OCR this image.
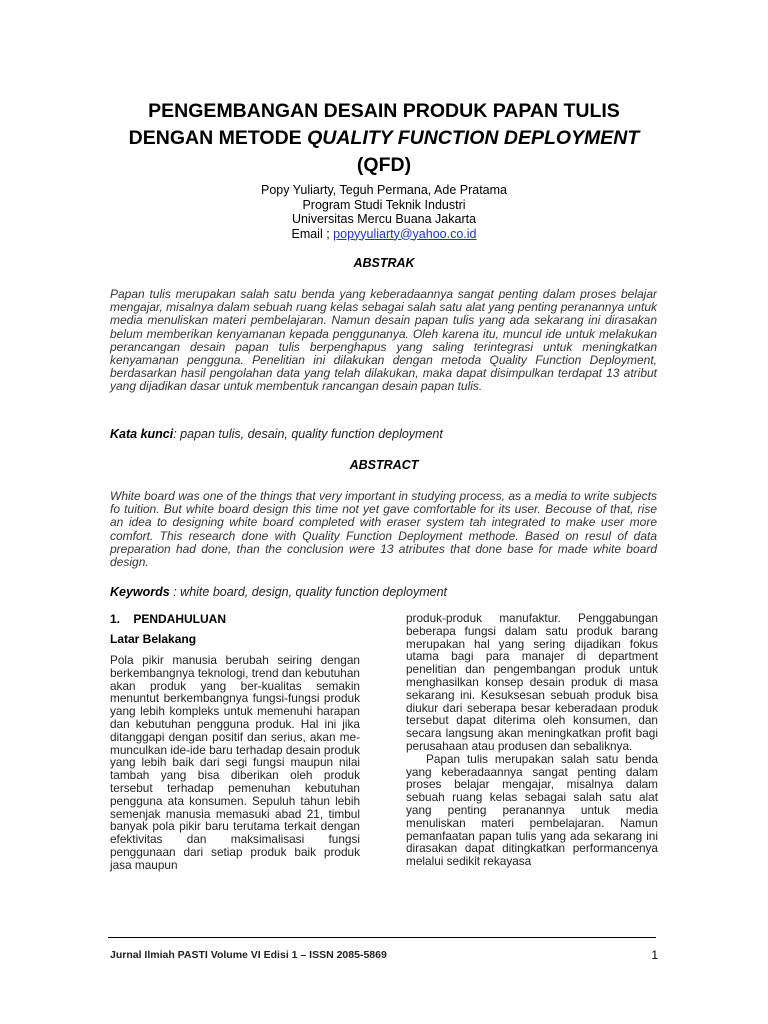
PENGEMBANGAN DESAIN PRODUK PAPAN TULIS
DENGAN METODE QUALITY FUNCTION DEPLOYMENT
(QFD)
Popy Yuliarty, Teguh Permana, Ade Pratama
Program Studi Teknik Industri
Universitas Mercu Buana Jakarta
Email ; popyyuliarty@yahoo.co.id
ABSTRAK
Papan tulis merupakan salah satu benda yang keberadaannya sangat penting dalam proses belajar mengajar, misalnya dalam sebuah ruang kelas sebagai salah satu alat yang penting peranannya untuk media menuliskan materi pembelajaran. Namun desain papan tulis yang ada sekarang ini dirasakan belum memberikan kenyamanan kepada penggunanya. Oleh karena itu, muncul ide untuk melakukan perancangan desain papan tulis berpenghapus yang saling terintegrasi untuk meningkatkan kenyamanan pengguna. Penelitian ini dilakukan dengan metoda Quality Function Deployment, berdasarkan hasil pengolahan data yang telah dilakukan, maka dapat disimpulkan terdapat 13 atribut yang dijadikan dasar untuk membentuk rancangan desain papan tulis.
Kata kunci: papan tulis, desain, quality function deployment
ABSTRACT
White board was one of the things that very important in studying process, as a media to write subjects fo tuition. But white board design this time not yet gave comfortable for its user. Becouse of that, rise an idea to designing white board completed with eraser system tah integrated to make user more comfort. This research done with Quality Function Deployment methode. Based on resul of data preparation had done, than the conclusion were 13 atributes that done base for made white board design.
Keywords : white board, design, quality function deployment
1.    PENDAHULUAN
Latar Belakang

Pola pikir manusia berubah seiring dengan berkembangnya teknologi, trend dan kebutuhan akan produk yang ber-kualitas semakin menuntut berkembangnya fungsi-fungsi produk yang lebih kompleks untuk memenuhi harapan dan kebutuhan pengguna produk. Hal ini jika ditanggapi dengan positif dan serius, akan me-munculkan ide-ide baru terhadap desain produk yang lebih baik dari segi fungsi maupun nilai tambah yang bisa diberikan oleh produk tersebut terhadap pemenuhan kebutuhan pengguna ata konsumen. Sepuluh tahun lebih semenjak manusia memasuki abad 21, timbul banyak pola pikir baru terutama terkait dengan efektivitas dan maksimalisasi fungsi penggunaan dari setiap produk baik produk jasa maupun

produk-produk manufaktur. Penggabungan beberapa fungsi dalam satu produk barang merupakan hal yang sering dijadikan fokus utama bagi para manajer di department penelitian dan pengembangan produk untuk menghasilkan konsep desain produk di masa sekarang ini. Kesuksesan sebuah produk bisa diukur dari seberapa besar keberadaan produk tersebut dapat diterima oleh konsumen, dan secara langsung akan meningkatkan profit bagi perusahaan atau produsen dan sebaliknya.

Papan tulis merupakan salah satu benda yang keberadaannya sangat penting dalam proses belajar mengajar, misalnya dalam sebuah ruang kelas sebagai salah satu alat yang penting peranannya untuk media menuliskan materi pembelajaran. Namun pemanfaatan papan tulis yang ada sekarang ini dirasakan dapat ditingkatkan performancenya melalui sedikit rekayasa

Jurnal Ilmiah PASTI Volume VI Edisi 1 – ISSN 2085-5869	1
